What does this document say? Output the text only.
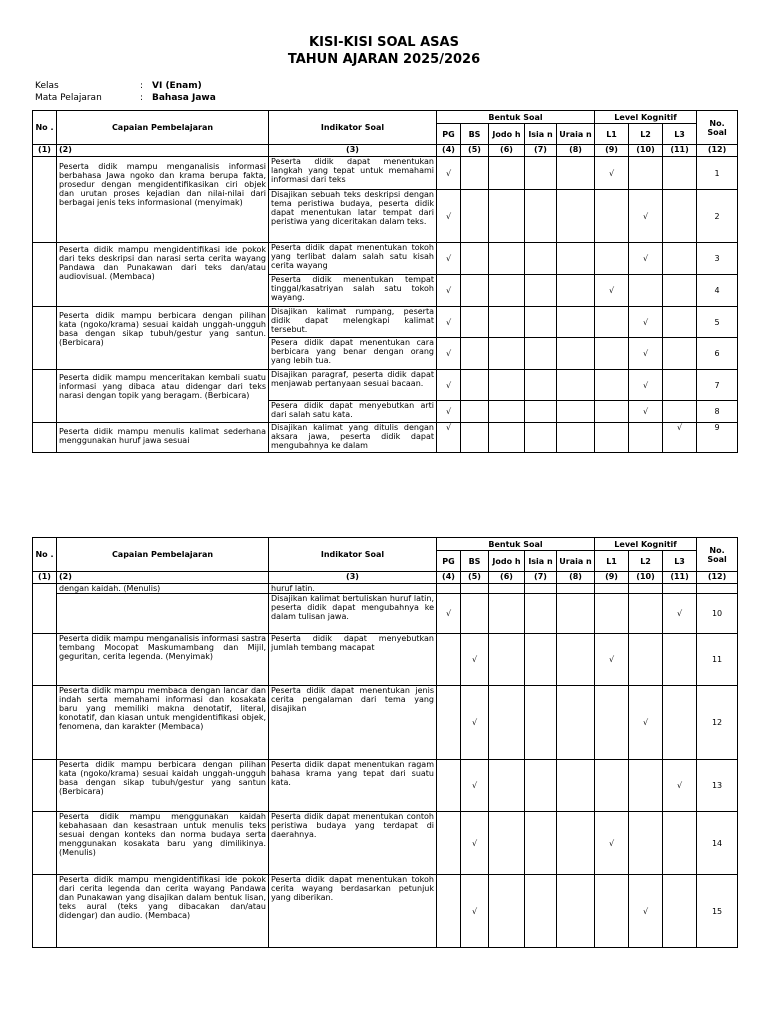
KISI-KISI SOAL ASAS
TAHUN AJARAN 2025/2026
Kelas	: VI (Enam)
Mata Pelajaran	: Bahasa Jawa
No .	Capaian Pembelajaran	Indikator Soal	Bentuk Soal					Level Kognitif			No. Soal
			PG	BS	Jodo h	Isia n	Uraia n	L1	L2	L3	
(1)	(2)	(3)	(4)	(5)	(6)	(7)	(8)	(9)	(10)	(11)	(12)
	Peserta didik mampu menganalisis informasi berbahasa Jawa ngoko dan krama berupa fakta, prosedur dengan mengidentifikasikan ciri objek dan urutan proses kejadian dan nilai-nilai dari berbagai jenis teks informasional (menyimak)	Peserta didik dapat menentukan langkah yang tepat untuk memahami informasi dari teks	√					√			1
		Disajikan sebuah teks deskripsi dengan tema peristiwa budaya, peserta didik dapat menentukan latar tempat dari peristiwa yang diceritakan dalam teks.	√						√		2
	Peserta didik mampu mengidentifikasi ide pokok dari teks deskripsi dan narasi serta cerita wayang Pandawa dan Punakawan dari teks dan/atau audiovisual. (Membaca)	Peserta didik dapat menentukan tokoh yang terlibat dalam salah satu kisah cerita wayang	√						√		3
		Peserta didik menentukan tempat tinggal/kasatriyan salah satu tokoh wayang.	√					√			4
	Peserta didik mampu berbicara dengan pilihan kata (ngoko/krama) sesuai kaidah unggah-ungguh basa dengan sikap tubuh/gestur yang santun. (Berbicara)	Disajikan kalimat rumpang, peserta didik dapat melengkapi kalimat tersebut.	√						√		5
		Pesera didik dapat menentukan cara berbicara yang benar dengan orang yang lebih tua.	√						√		6
	Peserta didik mampu menceritakan kembali suatu informasi yang dibaca atau didengar dari teks narasi dengan topik yang beragam. (Berbicara)	Disajikan paragraf, peserta didik dapat menjawab pertanyaan sesuai bacaan.	√						√		7
		Pesera didik dapat menyebutkan arti dari salah satu kata.	√						√		8

	Peserta didik mampu menulis kalimat sederhana menggunakan huruf jawa sesuai	Disajikan kalimat yang ditulis dengan aksara jawa, peserta didik dapat mengubahnya ke dalam	√							√	9
No .	Capaian Pembelajaran	Indikator Soal	Bentuk Soal					Level Kognitif			No. Soal
			PG	BS	Jodo h	Isia n	Uraia n	L1	L2	L3	
(1)	(2)	(3)	(4)	(5)	(6)	(7)	(8)	(9)	(10)	(11)	(12)
	dengan kaidah. (Menulis)	huruf latin.									
		Disajikan kalimat bertuliskan huruf latin, peserta didik dapat mengubahnya ke dalam tulisan jawa.	√							√	10
	Peserta didik mampu menganalisis informasi sastra tembang Mocopat Maskumambang dan Mijil, geguritan, cerita legenda. (Menyimak)	Peserta didik dapat menyebutkan jumlah tembang macapat		√				√			11
	Peserta didik mampu membaca dengan lancar dan indah serta memahami informasi dan kosakata baru yang memiliki makna denotatif, literal, konotatif, dan kiasan untuk mengidentifikasi objek, fenomena, dan karakter (Membaca)	Peserta didik dapat menentukan jenis cerita pengalaman dari tema yang disajikan		√					√		12
	Peserta didik mampu berbicara dengan pilihan kata (ngoko/krama) sesuai kaidah unggah-ungguh basa dengan sikap tubuh/gestur yang santun (Berbicara)	Peserta didik dapat menentukan ragam bahasa krama yang tepat dari suatu kata.		√						√	13
	Peserta didik mampu menggunakan kaidah kebahasaan dan kesastraan untuk menulis teks sesuai dengan konteks dan norma budaya serta menggunakan kosakata baru yang dimilikinya. (Menulis)	Peserta didik dapat menentukan contoh peristiwa budaya yang terdapat di daerahnya.		√				√			14
	Peserta didik mampu mengidentifikasi ide pokok dari cerita legenda dan cerita wayang Pandawa dan Punakawan yang disajikan dalam bentuk lisan, teks aural (teks yang dibacakan dan/atau didengar) dan audio. (Membaca)	Peserta didik dapat menentukan tokoh cerita wayang berdasarkan petunjuk yang diberikan.		√					√		15
